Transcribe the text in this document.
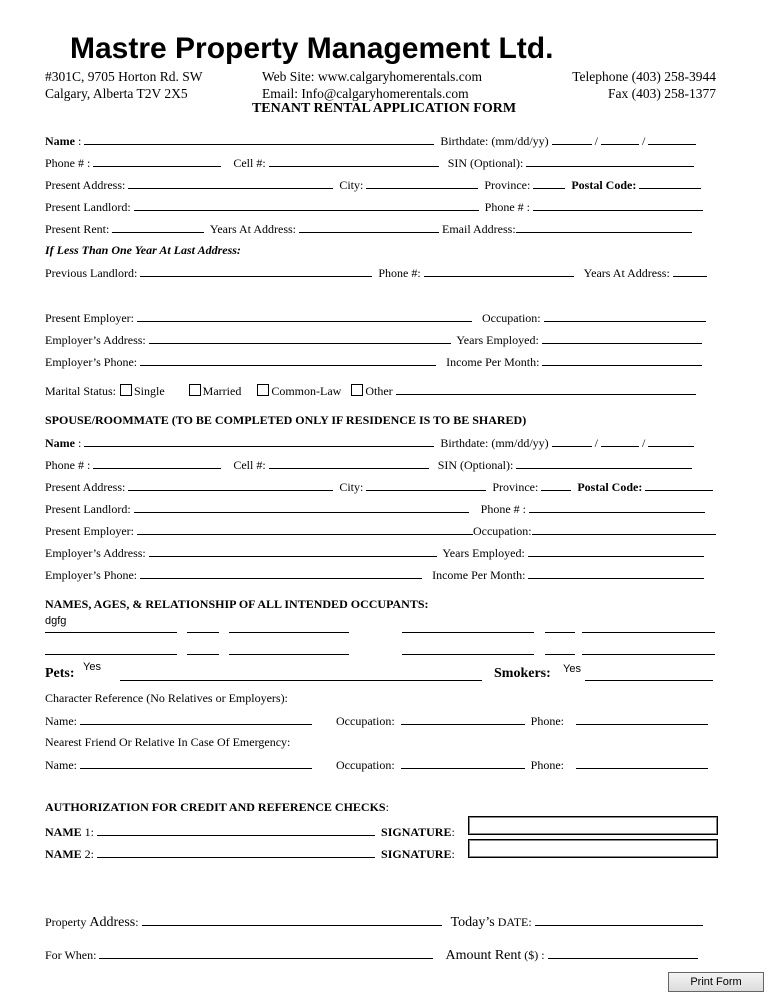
Mastre Property Management Ltd.
#301C, 9705 Horton Rd. SW
Calgary, Alberta T2V 2X5
Web Site: www.calgaryhomerentals.com
Email: Info@calgaryhomerentals.com
Telephone (403) 258-3944
Fax (403) 258-1377
TENANT RENTAL APPLICATION FORM
Name :	Birthdate: (mm/dd/yy)	/	/
Phone # :	Cell #:	SIN (Optional):
Present Address:	City:	Province:	Postal Code:
Present Landlord:	Phone # :
Present Rent:	Years At Address:	Email Address:
If Less Than One Year At Last Address:
Previous Landlord:	Phone #:	Years At Address:
Present Employer:	Occupation:
Employer’s Address:	Years Employed:
Employer’s Phone:	Income Per Month:
Marital Status: Single	Married	Common-Law Other
SPOUSE/ROOMMATE (TO BE COMPLETED ONLY IF RESIDENCE IS TO BE SHARED)
Name :	Birthdate: (mm/dd/yy)	/	/
Phone # :	Cell #:	SIN (Optional):
Present Address:	City:	Province:	Postal Code:
Present Landlord:	Phone # :
Present Employer:	Occupation:
Employer’s Address:	Years Employed:
Employer’s Phone:	Income Per Month:
NAMES, AGES, & RELATIONSHIP OF ALL INTENDED OCCUPANTS:
dgfg
Pets: Yes	Smokers: Yes
Character Reference (No Relatives or Employers):
Name:	Occupation:	Phone:
Nearest Friend Or Relative In Case Of Emergency:
Name:	Occupation:	Phone:
AUTHORIZATION FOR CREDIT AND REFERENCE CHECKS:
NAME 1:	SIGNATURE:
NAME 2:	SIGNATURE:
Property Address:	Today’s DATE:
For When:	Amount Rent ($) :
Print Form
